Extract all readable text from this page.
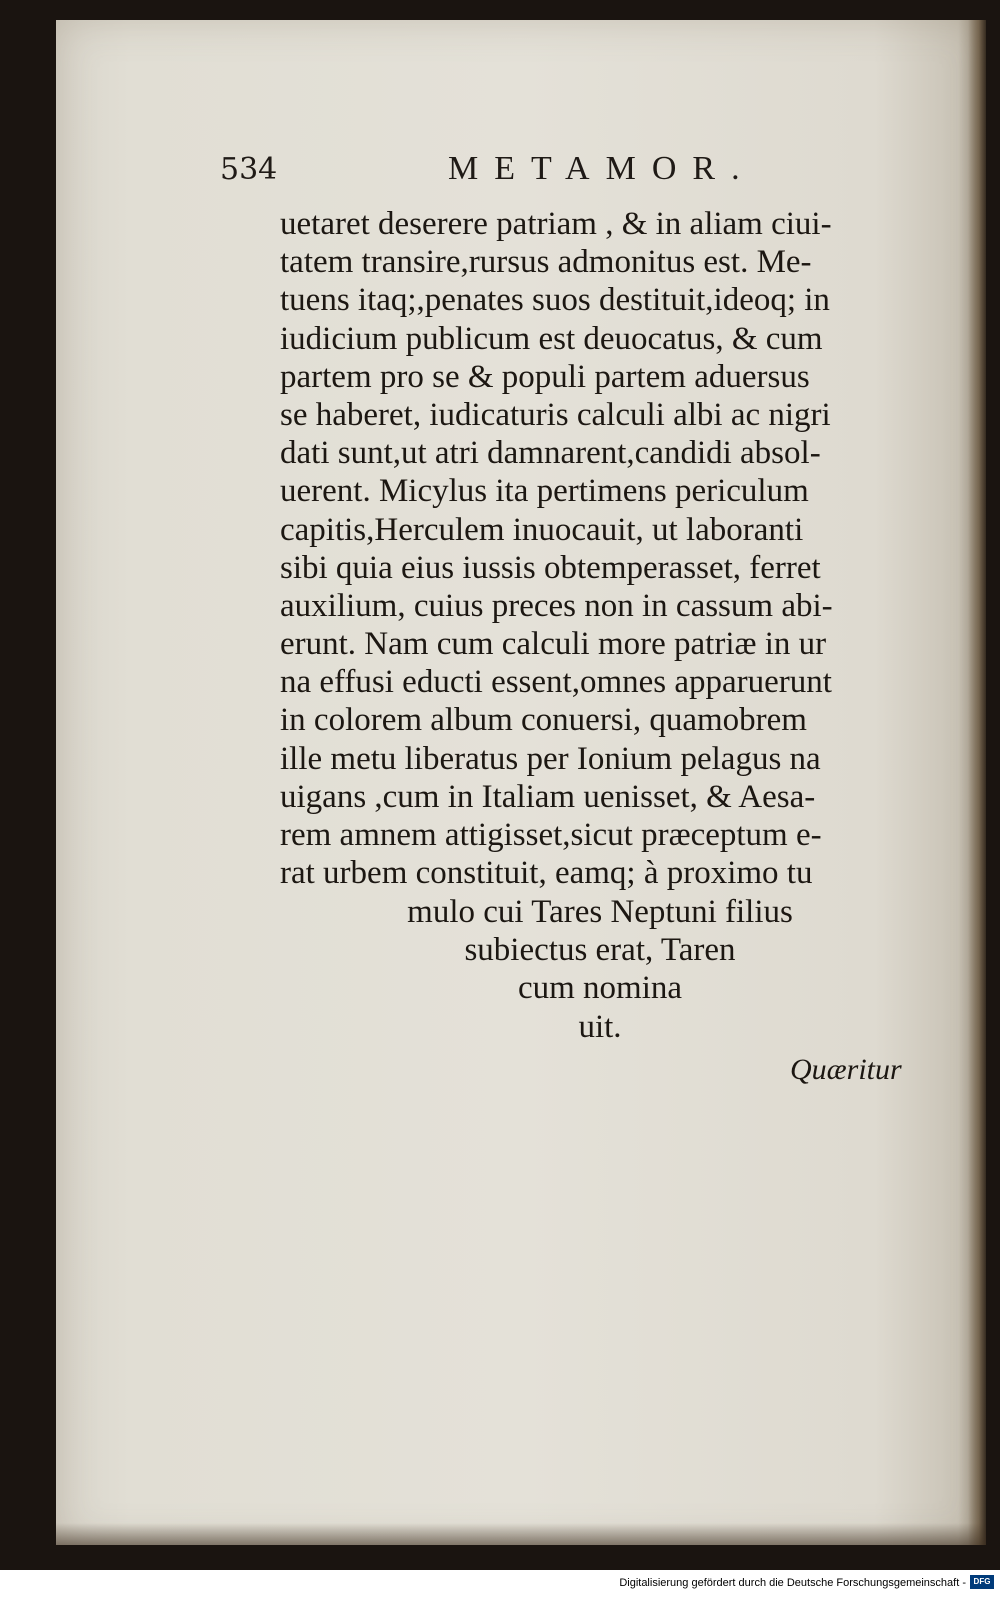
534	METAMOR.
uetaret deserere patriam , & in aliam ciui-
tatem transire,rursus admonitus est. Me-
tuens itaq;,penates suos destituit,ideoq; in
iudicium publicum est deuocatus, & cum
partem pro se & populi partem aduersus
se haberet, iudicaturis calculi albi ac nigri
dati sunt,ut atri damnarent,candidi absol-
uerent. Micylus ita pertimens periculum
capitis,Herculem inuocauit, ut laboranti
sibi quia eius iussis obtemperasset, ferret
auxilium, cuius preces non in cassum abi-
erunt. Nam cum calculi more patriæ in ur
na effusi educti essent,omnes apparuerunt
in colorem album conuersi, quamobrem
ille metu liberatus per Ionium pelagus na
uigans ,cum in Italiam uenisset, & Aesa-
rem amnem attigisset,sicut præceptum e-
rat urbem constituit, eamq; à proximo tu
mulo cui Tares Neptuni filius
subiectus erat, Taren
cum nomina
uit.
Quæritur
Digitalisierung gefördert durch die Deutsche Forschungsgemeinschaft - DFG
